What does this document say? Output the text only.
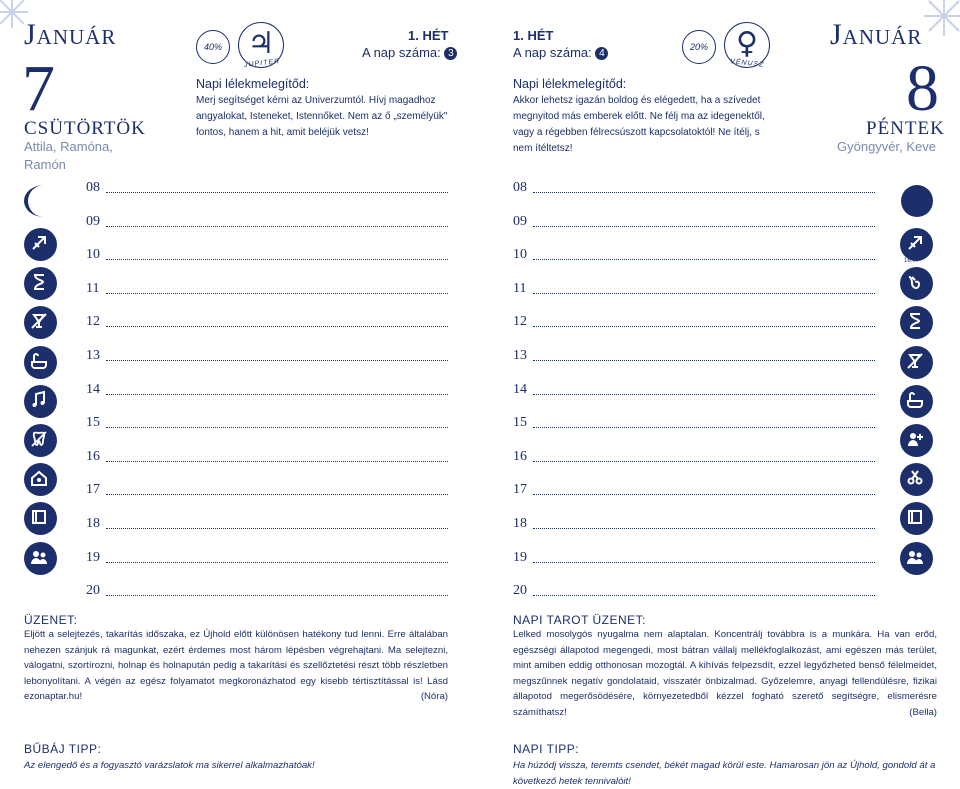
Január
7
CSÜTÖRTÖK
Attila, Ramóna, Ramón
40% ♃
JUPITER
1. HÉT
A nap száma: 3
Napi lélekmelegítőd:
Merj segítséget kérni az Univerzumtól. Hívj magadhoz angyalokat, Isteneket, Istennőket. Nem az ő „személyük" fontos, hanem a hit, amit beléjük vetsz!
08
09
10
11
12
13
14
15
16
17
18
19
20
ÜZENET:
Eljött a selejtezés, takarítás időszaka, ez Újhold előtt különösen hatékony tud lenni. Erre általában nehezen szánjuk rá magunkat, ezért érdemes most három lépésben végrehajtani. Ma selejtezni, válogatni, szortírozni, holnap és holnapután pedig a takarítási és szellőztetési részt több részletben lebonyolítani. A végén az egész folyamatot megkoronázhatod egy kisebb tértisztítással is! Lásd ezonaptar.hu!	(Nóra)
BŰBÁJ TIPP:
Az elengedő és a fogyasztó varázslatok ma sikerrel alkalmazhatóak!
1. HÉT
A nap száma: 4
20% ♀
VÉNUSZ
Január
8
PÉNTEK
Gyöngyvér, Keve
Napi lélekmelegítőd:
Akkor lehetsz igazán boldog és elégedett, ha a szívedet megnyitod más emberek előtt. Ne félj ma az idegenektől, vagy a régebben félrecsúszott kapcsolatoktól! Ne ítélj, s nem ítéltetsz!
08
09
10
11
12
13
14
15
16
17
18
19
20
16:07
NAPI TAROT ÜZENET:
Lelked mosolygós nyugalma nem alaptalan. Koncentrálj továbbra is a munkára. Ha van erőd, egészségi állapotod megengedi, most bátran vállalj mellékfoglalkozást, ami egészen más terület, mint amiben eddig otthonosan mozogtál. A kihívás felpezsdít, ezzel legyőzheted benső félelmeidet, megszűnnek negatív gondolataid, visszatér önbizalmad. Győzelemre, anyagi fellendülésre, fizikai állapotod megerősödésére, környezetedből kézzel fogható szerető segítségre, elismerésre számíthatsz!	(Bella)
NAPI TIPP:
Ha húzódj vissza, teremts csendet, békét magad körül este. Hamarosan jön az Újhold, gondold át a következő hetek tennivalóit!
